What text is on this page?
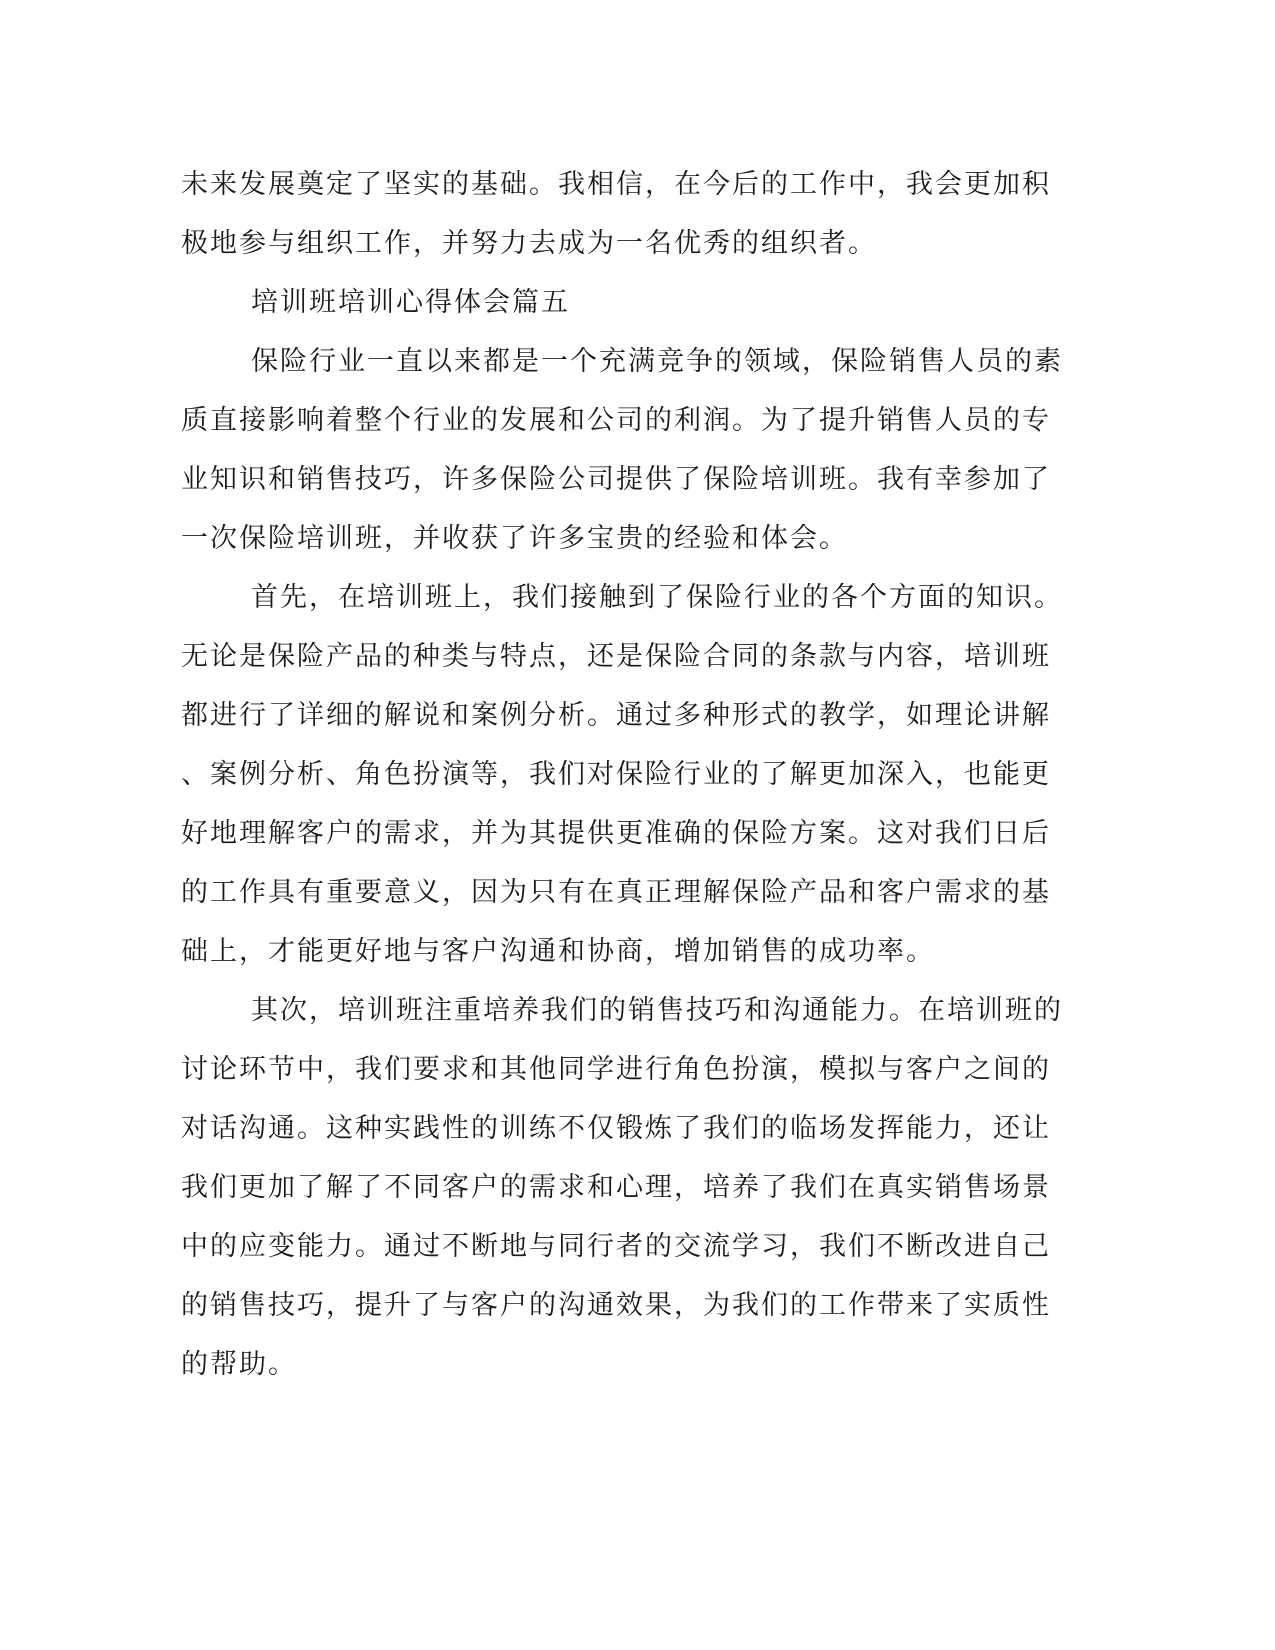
未来发展奠定了坚实的基础。我相信，在今后的工作中，我会更加积
极地参与组织工作，并努力去成为一名优秀的组织者。
培训班培训心得体会篇五
保险行业一直以来都是一个充满竞争的领域，保险销售人员的素
质直接影响着整个行业的发展和公司的利润。为了提升销售人员的专
业知识和销售技巧，许多保险公司提供了保险培训班。我有幸参加了
一次保险培训班，并收获了许多宝贵的经验和体会。
首先，在培训班上，我们接触到了保险行业的各个方面的知识。
无论是保险产品的种类与特点，还是保险合同的条款与内容，培训班
都进行了详细的解说和案例分析。通过多种形式的教学，如理论讲解
、案例分析、角色扮演等，我们对保险行业的了解更加深入，也能更
好地理解客户的需求，并为其提供更准确的保险方案。这对我们日后
的工作具有重要意义，因为只有在真正理解保险产品和客户需求的基
础上，才能更好地与客户沟通和协商，增加销售的成功率。
其次，培训班注重培养我们的销售技巧和沟通能力。在培训班的
讨论环节中，我们要求和其他同学进行角色扮演，模拟与客户之间的
对话沟通。这种实践性的训练不仅锻炼了我们的临场发挥能力，还让
我们更加了解了不同客户的需求和心理，培养了我们在真实销售场景
中的应变能力。通过不断地与同行者的交流学习，我们不断改进自己
的销售技巧，提升了与客户的沟通效果，为我们的工作带来了实质性
的帮助。
